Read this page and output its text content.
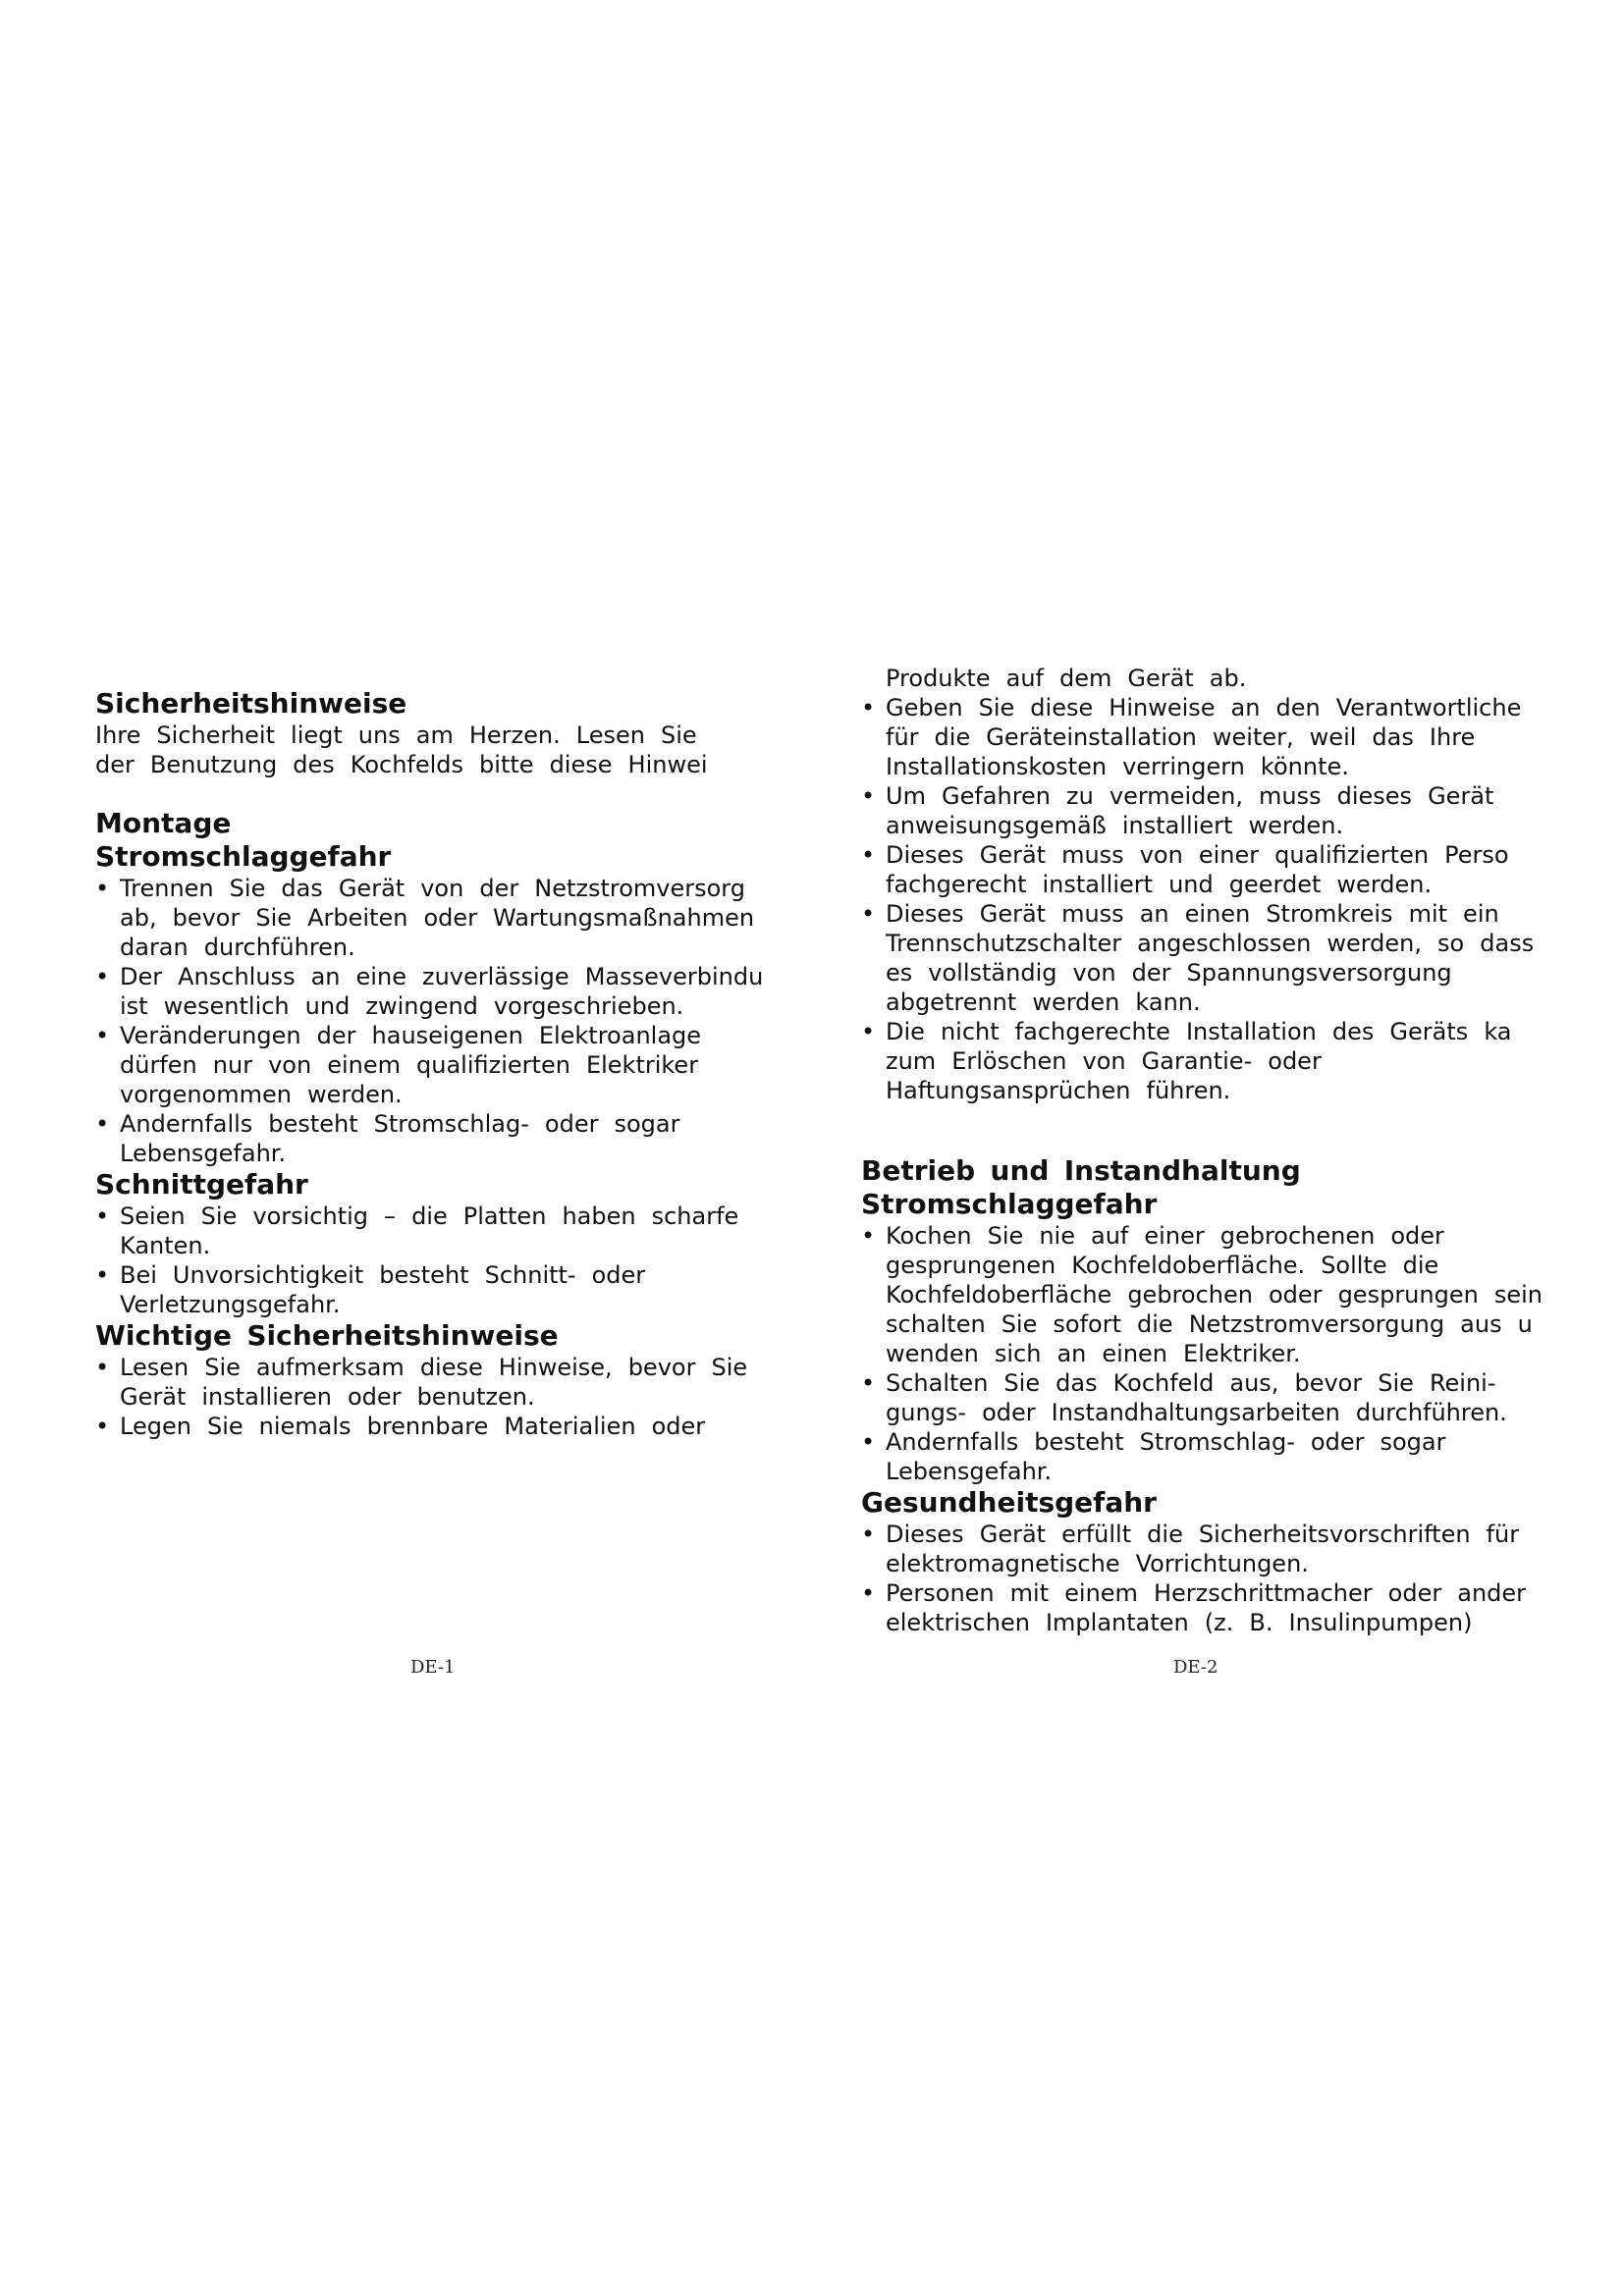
Sicherheitshinweise
Ihre Sicherheit liegt uns am Herzen. Lesen Sie
der Benutzung des Kochfelds bitte diese Hinwei
Montage
Stromschlaggefahr
• Trennen Sie das Gerät von der Netzstromversorg
ab, bevor Sie Arbeiten oder Wartungsmaßnahmen
daran durchführen.
• Der Anschluss an eine zuverlässige Masseverbindu
ist wesentlich und zwingend vorgeschrieben.
• Veränderungen der hauseigenen Elektroanlage
dürfen nur von einem qualifizierten Elektriker
vorgenommen werden.
• Andernfalls besteht Stromschlag- oder sogar
Lebensgefahr.
Schnittgefahr
• Seien Sie vorsichtig – die Platten haben scharfe
Kanten.
• Bei Unvorsichtigkeit besteht Schnitt- oder
Verletzungsgefahr.
Wichtige Sicherheitshinweise
• Lesen Sie aufmerksam diese Hinweise, bevor Sie
Gerät installieren oder benutzen.
• Legen Sie niemals brennbare Materialien oder

Produkte auf dem Gerät ab.

• Geben Sie diese Hinweise an den Verantwortliche
für die Geräteinstallation weiter, weil das Ihre
Installationskosten verringern könnte.
• Um Gefahren zu vermeiden, muss dieses Gerät
anweisungsgemäß installiert werden.
• Dieses Gerät muss von einer qualifizierten Perso
fachgerecht installiert und geerdet werden.
• Dieses Gerät muss an einen Stromkreis mit ein
Trennschutzschalter angeschlossen werden, so dass
es vollständig von der Spannungsversorgung
abgetrennt werden kann.
• Die nicht fachgerechte Installation des Geräts ka
zum Erlöschen von Garantie- oder
Haftungsansprüchen führen.
Betrieb und Instandhaltung
Stromschlaggefahr
• Kochen Sie nie auf einer gebrochenen oder
gesprungenen Kochfeldoberfläche. Sollte die
Kochfeldoberfläche gebrochen oder gesprungen sein
schalten Sie sofort die Netzstromversorgung aus u
wenden sich an einen Elektriker.
• Schalten Sie das Kochfeld aus, bevor Sie Reini-
gungs- oder Instandhaltungsarbeiten durchführen.
• Andernfalls besteht Stromschlag- oder sogar
Lebensgefahr.
Gesundheitsgefahr
• Dieses Gerät erfüllt die Sicherheitsvorschriften für
elektromagnetische Vorrichtungen.
• Personen mit einem Herzschrittmacher oder ander
elektrischen Implantaten (z. B. Insulinpumpen)
DE-1	DE-2
